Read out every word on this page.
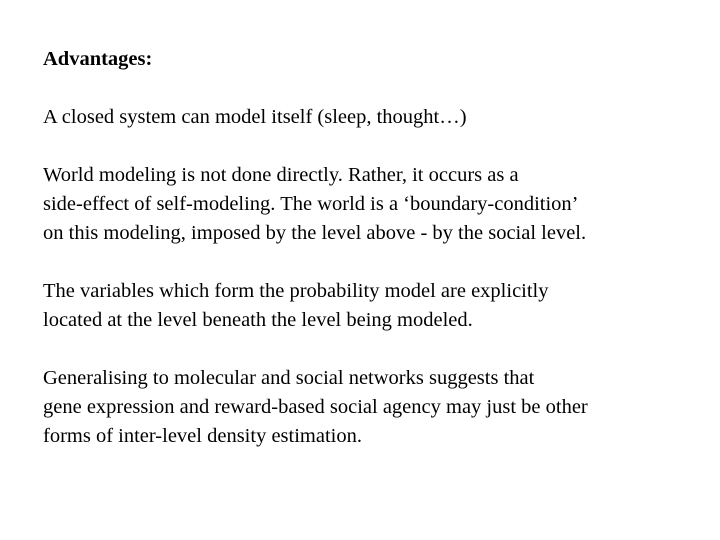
Advantages:
A closed system can model itself (sleep, thought…)
World modeling is not done directly. Rather, it occurs as a
side-effect of self-modeling. The world is a ‘boundary-condition’
on this modeling, imposed by the level above - by the social level.
The variables which form the probability model are explicitly
located at the level beneath the level being modeled.
Generalising to molecular and social networks suggests that
gene expression and reward-based social agency may just be other
forms of inter-level density estimation.
